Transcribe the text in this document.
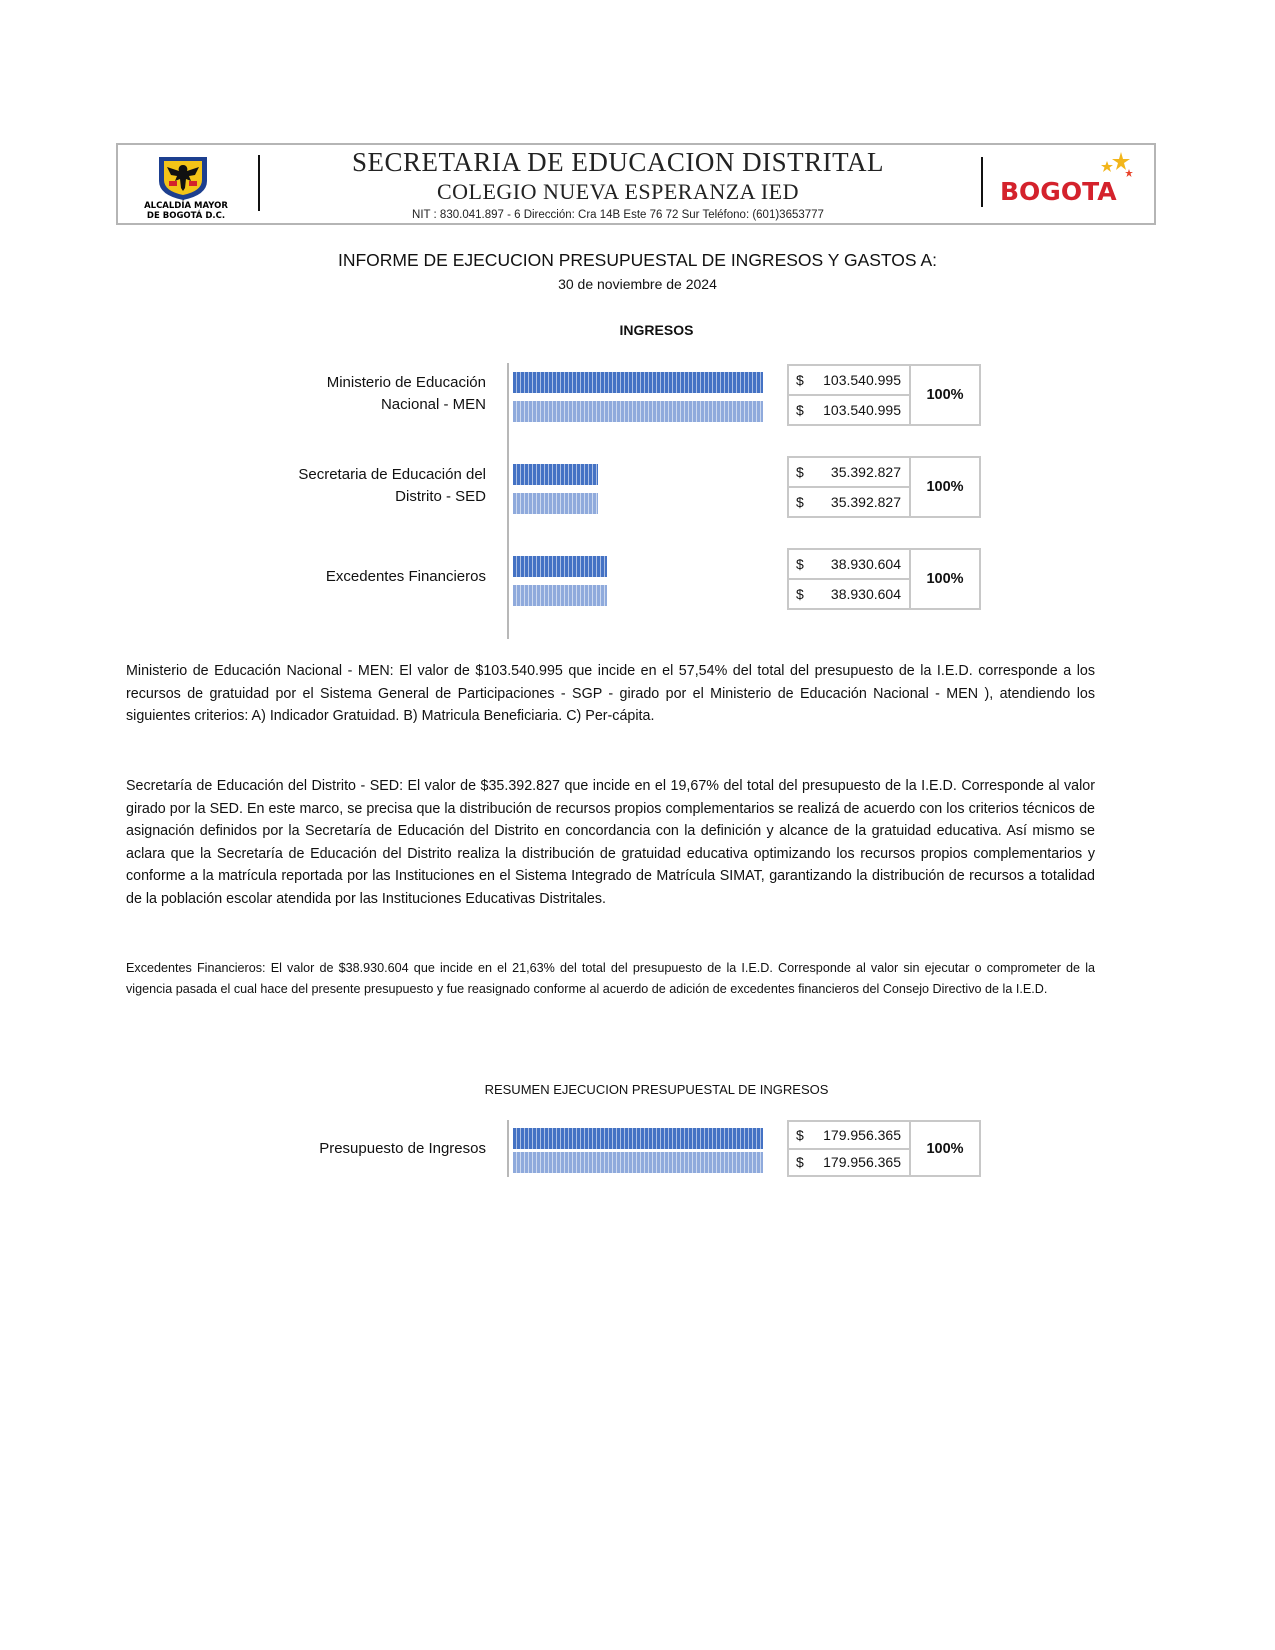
ALCALDÍA MAYOR
DE BOGOTÁ D.C.
SECRETARIA DE EDUCACION DISTRITAL
COLEGIO NUEVA ESPERANZA IED
NIT : 830.041.897 - 6 Dirección: Cra 14B Este 76 72 Sur Teléfono: (601)3653777
BOGOTA
INFORME DE EJECUCION PRESUPUESTAL DE INGRESOS Y GASTOS A:
30 de noviembre de 2024
INGRESOS
Ministerio de Educación
Nacional - MEN
$ 103.540.995
$ 103.540.995
100%
Secretaria de Educación del
Distrito - SED
$ 35.392.827
$ 35.392.827
100%
Excedentes Financieros
$ 38.930.604
$ 38.930.604
100%
Ministerio de Educación Nacional - MEN: El valor de $103.540.995 que incide en el 57,54% del total del presupuesto de la I.E.D. corresponde a los recursos de gratuidad por el Sistema General de Participaciones - SGP - girado por el Ministerio de Educación Nacional - MEN ), atendiendo los siguientes criterios: A) Indicador Gratuidad. B) Matricula Beneficiaria. C) Per-cápita.
Secretaría de Educación del Distrito - SED: El valor de $35.392.827 que incide en el 19,67% del total del presupuesto de la I.E.D. Corresponde al valor girado por la SED. En este marco, se precisa que la distribución de recursos propios complementarios se realizá de acuerdo con los criterios técnicos de asignación definidos por la Secretaría de Educación del Distrito en concordancia con la definición y alcance de la gratuidad educativa. Así mismo se aclara que la Secretaría de Educación del Distrito realiza la distribución de gratuidad educativa optimizando los recursos propios complementarios y conforme a la matrícula reportada por las Instituciones en el Sistema Integrado de Matrícula SIMAT, garantizando la distribución de recursos a totalidad de la población escolar atendida por las Instituciones Educativas Distritales.
Excedentes Financieros: El valor de $38.930.604 que incide en el 21,63% del total del presupuesto de la I.E.D. Corresponde al valor sin ejecutar o comprometer de la vigencia pasada el cual hace del presente presupuesto y fue reasignado conforme al acuerdo de adición de excedentes financieros del Consejo Directivo de la I.E.D.
RESUMEN EJECUCION PRESUPUESTAL DE INGRESOS
Presupuesto de Ingresos
$ 179.956.365
$ 179.956.365
100%
